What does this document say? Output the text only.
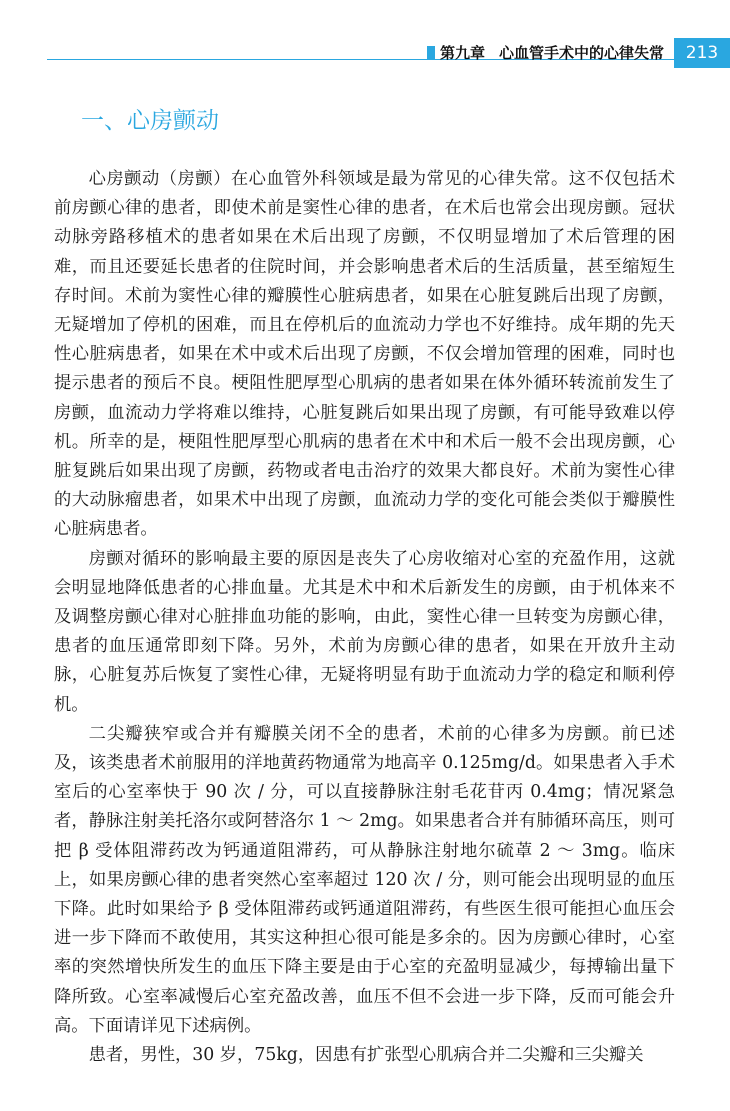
第九章 心血管手术中的心律失常	213
一、心房颤动

心房颤动（房颤）在心血管外科领域是最为常见的心律失常。这不仅包括术前房颤心律的患者，即使术前是窦性心律的患者，在术后也常会出现房颤。冠状动脉旁路移植术的患者如果在术后出现了房颤，不仅明显增加了术后管理的困难，而且还要延长患者的住院时间，并会影响患者术后的生活质量，甚至缩短生存时间。术前为窦性心律的瓣膜性心脏病患者，如果在心脏复跳后出现了房颤，无疑增加了停机的困难，而且在停机后的血流动力学也不好维持。成年期的先天性心脏病患者，如果在术中或术后出现了房颤，不仅会增加管理的困难，同时也提示患者的预后不良。梗阻性肥厚型心肌病的患者如果在体外循环转流前发生了房颤，血流动力学将难以维持，心脏复跳后如果出现了房颤，有可能导致难以停机。所幸的是，梗阻性肥厚型心肌病的患者在术中和术后一般不会出现房颤，心脏复跳后如果出现了房颤，药物或者电击治疗的效果大都良好。术前为窦性心律的大动脉瘤患者，如果术中出现了房颤，血流动力学的变化可能会类似于瓣膜性心脏病患者。

房颤对循环的影响最主要的原因是丧失了心房收缩对心室的充盈作用，这就会明显地降低患者的心排血量。尤其是术中和术后新发生的房颤，由于机体来不及调整房颤心律对心脏排血功能的影响，由此，窦性心律一旦转变为房颤心律，患者的血压通常即刻下降。另外，术前为房颤心律的患者，如果在开放升主动脉，心脏复苏后恢复了窦性心律，无疑将明显有助于血流动力学的稳定和顺利停机。

二尖瓣狭窄或合并有瓣膜关闭不全的患者，术前的心律多为房颤。前已述及，该类患者术前服用的洋地黄药物通常为地高辛 0.125mg/d。如果患者入手术室后的心室率快于 90 次 / 分，可以直接静脉注射毛花苷丙 0.4mg；情况紧急者，静脉注射美托洛尔或阿替洛尔 1 ～ 2mg。如果患者合并有肺循环高压，则可把 β 受体阻滞药改为钙通道阻滞药，可从静脉注射地尔硫䓬 2 ～ 3mg。临床上，如果房颤心律的患者突然心室率超过 120 次 / 分，则可能会出现明显的血压下降。此时如果给予 β 受体阻滞药或钙通道阻滞药，有些医生很可能担心血压会进一步下降而不敢使用，其实这种担心很可能是多余的。因为房颤心律时，心室率的突然增快所发生的血压下降主要是由于心室的充盈明显减少，每搏输出量下降所致。心室率减慢后心室充盈改善，血压不但不会进一步下降，反而可能会升高。下面请详见下述病例。

患者，男性，30 岁，75kg，因患有扩张型心肌病合并二尖瓣和三尖瓣关
